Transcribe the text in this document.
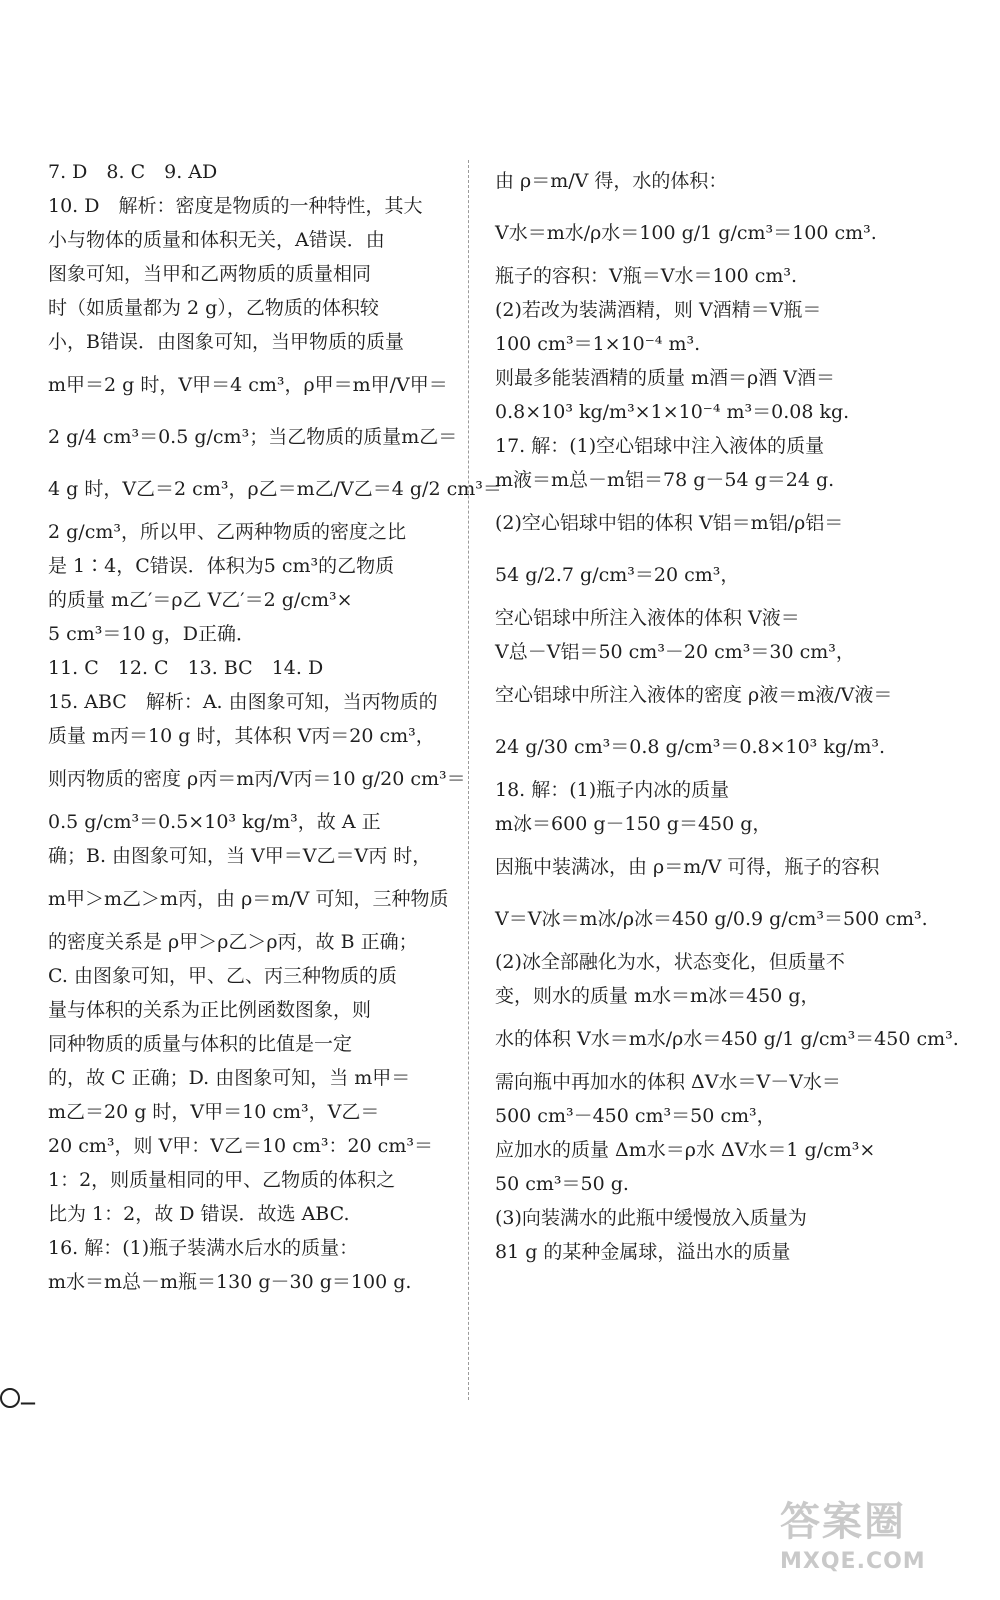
7. D　8. C　9. AD
10. D　解析：密度是物质的一种特性，其大
小与物体的质量和体积无关，A错误．由
图象可知，当甲和乙两物质的质量相同
时（如质量都为 2 g），乙物质的体积较
小，B错误．由图象可知，当甲物质的质量
m甲＝2 g 时，V甲＝4 cm³，ρ甲＝m甲/V甲＝
2 g/4 cm³＝0.5 g/cm³；当乙物质的质量m乙＝
4 g 时，V乙＝2 cm³，ρ乙＝m乙/V乙＝4 g/2 cm³＝
2 g/cm³，所以甲、乙两种物质的密度之比
是 1∶4，C错误．体积为5 cm³的乙物质
的质量 m乙′＝ρ乙 V乙′＝2 g/cm³×
5 cm³＝10 g，D正确．
11. C　12. C　13. BC　14. D
15. ABC　解析：A. 由图象可知，当丙物质的
质量 m丙＝10 g 时，其体积 V丙＝20 cm³，
则丙物质的密度 ρ丙＝m丙/V丙＝10 g/20 cm³＝
0.5 g/cm³＝0.5×10³ kg/m³，故 A 正
确；B. 由图象可知，当 V甲＝V乙＝V丙 时，
m甲＞m乙＞m丙，由 ρ＝m/V 可知，三种物质
的密度关系是 ρ甲＞ρ乙＞ρ丙，故 B 正确；
C. 由图象可知，甲、乙、丙三种物质的质
量与体积的关系为正比例函数图象，则
同种物质的质量与体积的比值是一定
的，故 C 正确；D. 由图象可知，当 m甲＝
m乙＝20 g 时，V甲＝10 cm³，V乙＝
20 cm³，则 V甲：V乙＝10 cm³：20 cm³＝
1：2，则质量相同的甲、乙物质的体积之
比为 1：2，故 D 错误．故选 ABC.
16. 解：(1)瓶子装满水后水的质量：
m水＝m总－m瓶＝130 g－30 g＝100 g.
由 ρ＝m/V 得，水的体积：
V水＝m水/ρ水＝100 g/1 g/cm³＝100 cm³.
瓶子的容积：V瓶＝V水＝100 cm³.
(2)若改为装满酒精，则 V酒精＝V瓶＝
100 cm³＝1×10⁻⁴ m³.
则最多能装酒精的质量 m酒＝ρ酒 V酒＝
0.8×10³ kg/m³×1×10⁻⁴ m³＝0.08 kg.
17. 解：(1)空心铝球中注入液体的质量
m液＝m总－m铝＝78 g－54 g＝24 g.
(2)空心铝球中铝的体积 V铝＝m铝/ρ铝＝
54 g/2.7 g/cm³＝20 cm³，
空心铝球中所注入液体的体积 V液＝
V总－V铝＝50 cm³－20 cm³＝30 cm³，
空心铝球中所注入液体的密度 ρ液＝m液/V液＝
24 g/30 cm³＝0.8 g/cm³＝0.8×10³ kg/m³.
18. 解：(1)瓶子内冰的质量
m冰＝600 g－150 g＝450 g，
因瓶中装满冰，由 ρ＝m/V 可得，瓶子的容积
V＝V冰＝m冰/ρ冰＝450 g/0.9 g/cm³＝500 cm³.
(2)冰全部融化为水，状态变化，但质量不
变，则水的质量 m水＝m冰＝450 g，
水的体积 V水＝m水/ρ水＝450 g/1 g/cm³＝450 cm³.
需向瓶中再加水的体积 ΔV水＝V－V水＝
500 cm³－450 cm³＝50 cm³，
应加水的质量 Δm水＝ρ水 ΔV水＝1 g/cm³×
50 cm³＝50 g.
(3)向装满水的此瓶中缓慢放入质量为
81 g 的某种金属球，溢出水的质量
—
答案圈
MXQE.COM
